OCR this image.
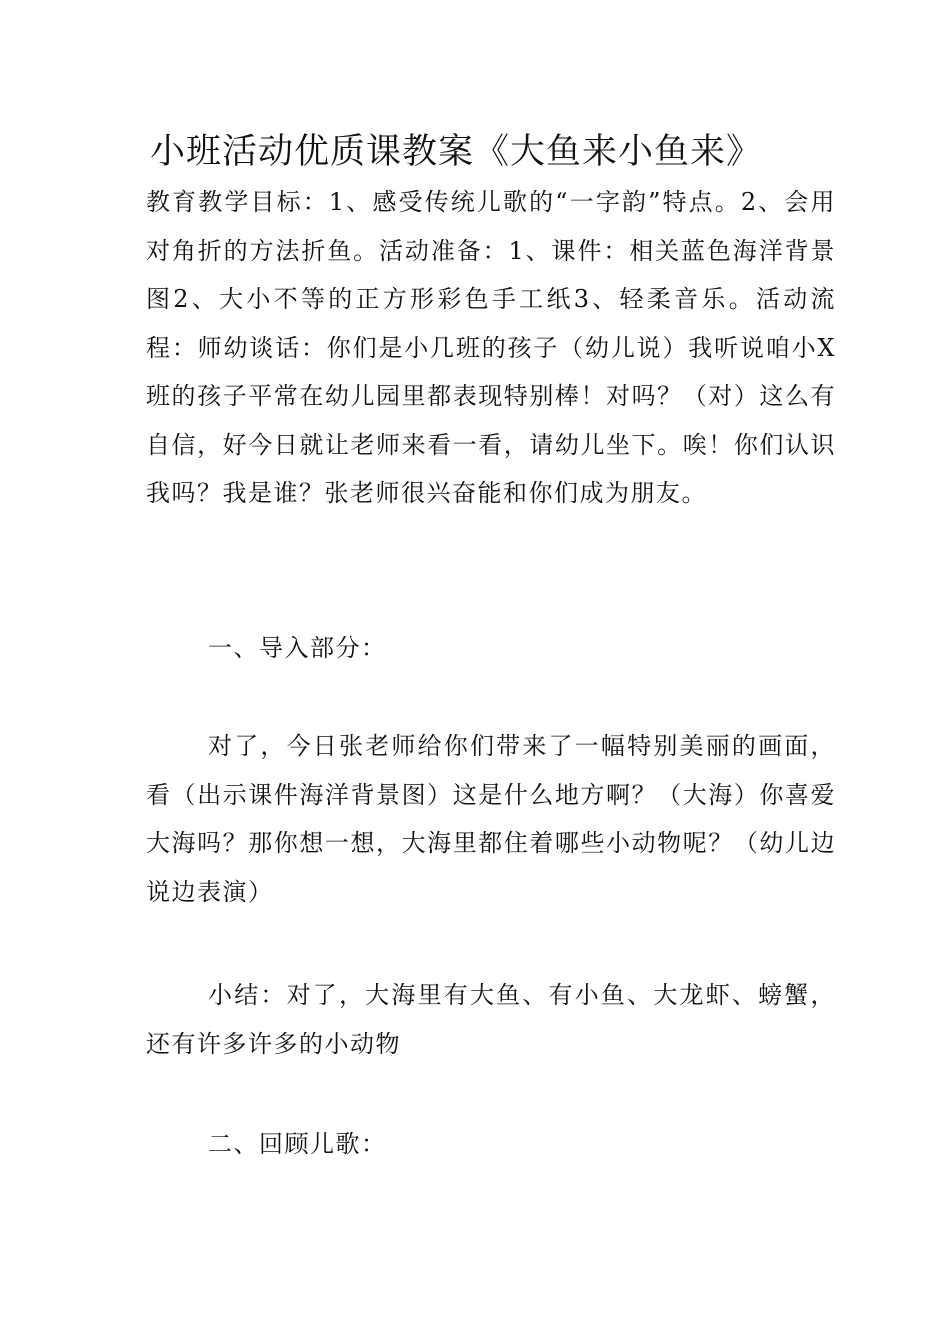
小班活动优质课教案《大鱼来小鱼来》

教育教学目标：1、感受传统儿歌的“一字韵”特点。2、会用对角折的方法折鱼。活动准备：1、课件：相关蓝色海洋背景图2、大小不等的正方形彩色手工纸3、轻柔音乐。活动流程：师幼谈话：你们是小几班的孩子（幼儿说）我听说咱小X班的孩子平常在幼儿园里都表现特别棒！对吗？（对）这么有自信，好今日就让老师来看一看，请幼儿坐下。唉！你们认识我吗？我是谁？张老师很兴奋能和你们成为朋友。

一、导入部分：

对了，今日张老师给你们带来了一幅特别美丽的画面，看（出示课件海洋背景图）这是什么地方啊？（大海）你喜爱大海吗？那你想一想，大海里都住着哪些小动物呢？（幼儿边说边表演）

小结：对了，大海里有大鱼、有小鱼、大龙虾、螃蟹，还有许多许多的小动物

二、回顾儿歌：
